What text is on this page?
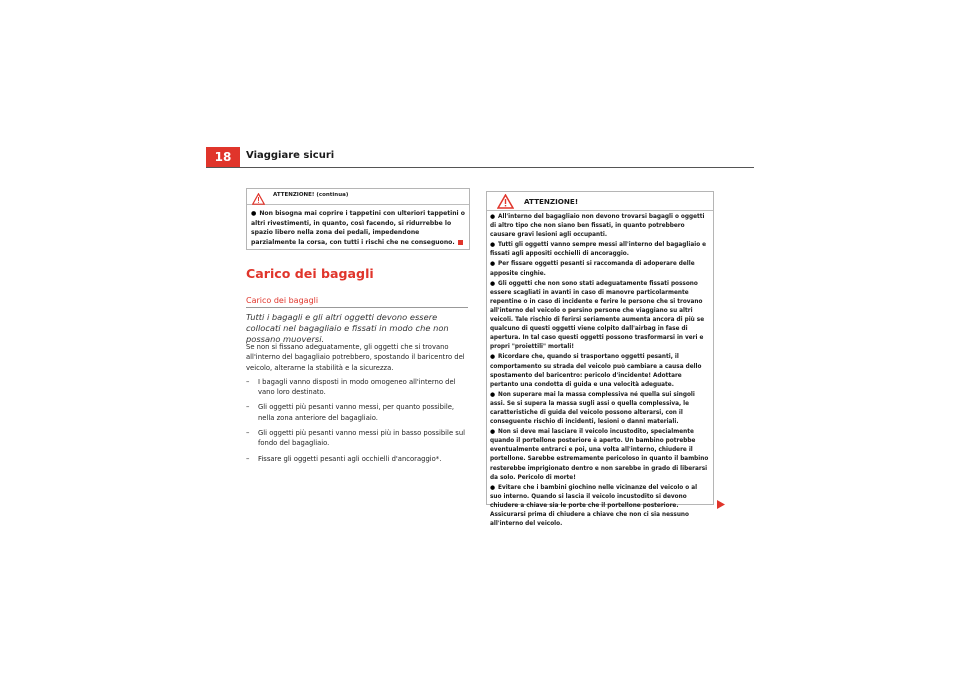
18	Viaggiare sicuri
ATTENZIONE! (continua)
● Non bisogna mai coprire i tappetini con ulteriori tappetini o altri rivestimenti, in quanto, così facendo, si ridurrebbe lo spazio libero nella zona dei pedali, impedendone parzialmente la corsa, con tutti i rischi che ne conseguono.
Carico dei bagagli
Carico dei bagagli
Tutti i bagagli e gli altri oggetti devono essere collocati nel bagagliaio e fissati in modo che non possano muoversi.

Se non si fissano adeguatamente, gli oggetti che si trovano all'interno del bagagliaio potrebbero, spostando il baricentro del veicolo, alterarne la stabilità e la sicurezza.

– I bagagli vanno disposti in modo omogeneo all'interno del vano loro destinato.
– Gli oggetti più pesanti vanno messi, per quanto possibile, nella zona anteriore del bagagliaio.
– Gli oggetti più pesanti vanno messi più in basso possibile sul fondo del bagagliaio.
– Fissare gli oggetti pesanti agli occhielli d'ancoraggio*.
ATTENZIONE!
● All'interno del bagagliaio non devono trovarsi bagagli o oggetti di altro tipo che non siano ben fissati, in quanto potrebbero causare gravi lesioni agli occupanti.
● Tutti gli oggetti vanno sempre messi all'interno del bagagliaio e fissati agli appositi occhielli di ancoraggio.
● Per fissare oggetti pesanti si raccomanda di adoperare delle apposite cinghie.
● Gli oggetti che non sono stati adeguatamente fissati possono essere scagliati in avanti in caso di manovre particolarmente repentine o in caso di incidente e ferire le persone che si trovano all'interno del veicolo o persino persone che viaggiano su altri veicoli. Tale rischio di ferirsi seriamente aumenta ancora di più se qualcuno di questi oggetti viene colpito dall'airbag in fase di apertura. In tal caso questi oggetti possono trasformarsi in veri e propri "proiettili" mortali!
● Ricordare che, quando si trasportano oggetti pesanti, il comportamento su strada del veicolo può cambiare a causa dello spostamento del baricentro: pericolo d'incidente! Adottare pertanto una condotta di guida e una velocità adeguate.
● Non superare mai la massa complessiva né quella sui singoli assi. Se si supera la massa sugli assi o quella complessiva, le caratteristiche di guida del veicolo possono alterarsi, con il conseguente rischio di incidenti, lesioni o danni materiali.
● Non si deve mai lasciare il veicolo incustodito, specialmente quando il portellone posteriore è aperto. Un bambino potrebbe eventualmente entrarci e poi, una volta all'interno, chiudere il portellone. Sarebbe estremamente pericoloso in quanto il bambino resterebbe imprigionato dentro e non sarebbe in grado di liberarsi da solo. Pericolo di morte!
● Evitare che i bambini giochino nelle vicinanze del veicolo o al suo interno. Quando si lascia il veicolo incustodito si devono chiudere a chiave sia le porte che il portellone posteriore. Assicurarsi prima di chiudere a chiave che non ci sia nessuno all'interno del veicolo.
